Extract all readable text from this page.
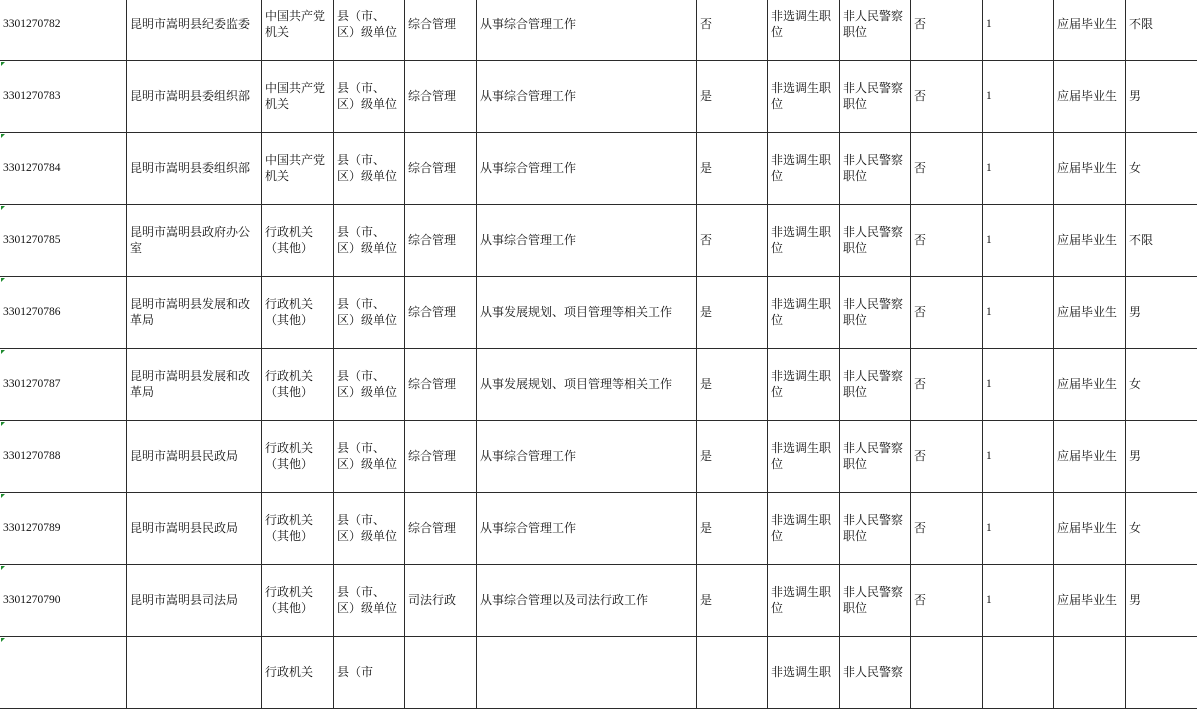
3301270782	昆明市嵩明县纪委监委	中国共产党机关	县（市、区）级单位	综合管理	从事综合管理工作	否	非选调生职位	非人民警察职位	否	1	应届毕业生	不限

3301270783	昆明市嵩明县委组织部	中国共产党机关	县（市、区）级单位	综合管理	从事综合管理工作	是	非选调生职位	非人民警察职位	否	1	应届毕业生	男

3301270784	昆明市嵩明县委组织部	中国共产党机关	县（市、区）级单位	综合管理	从事综合管理工作	是	非选调生职位	非人民警察职位	否	1	应届毕业生	女

3301270785	昆明市嵩明县政府办公室	行政机关（其他）	县（市、区）级单位	综合管理	从事综合管理工作	否	非选调生职位	非人民警察职位	否	1	应届毕业生	不限

3301270786	昆明市嵩明县发展和改革局	行政机关（其他）	县（市、区）级单位	综合管理	从事发展规划、项目管理等相关工作	是	非选调生职位	非人民警察职位	否	1	应届毕业生	男

3301270787	昆明市嵩明县发展和改革局	行政机关（其他）	县（市、区）级单位	综合管理	从事发展规划、项目管理等相关工作	是	非选调生职位	非人民警察职位	否	1	应届毕业生	女

3301270788	昆明市嵩明县民政局	行政机关（其他）	县（市、区）级单位	综合管理	从事综合管理工作	是	非选调生职位	非人民警察职位	否	1	应届毕业生	男

3301270789	昆明市嵩明县民政局	行政机关（其他）	县（市、区）级单位	综合管理	从事综合管理工作	是	非选调生职位	非人民警察职位	否	1	应届毕业生	女

3301270790	昆明市嵩明县司法局	行政机关（其他）	县（市、区）级单位	司法行政	从事综合管理以及司法行政工作	是	非选调生职位	非人民警察职位	否	1	应届毕业生	男

		行政机关	县（市				非选调生职	非人民警察				
